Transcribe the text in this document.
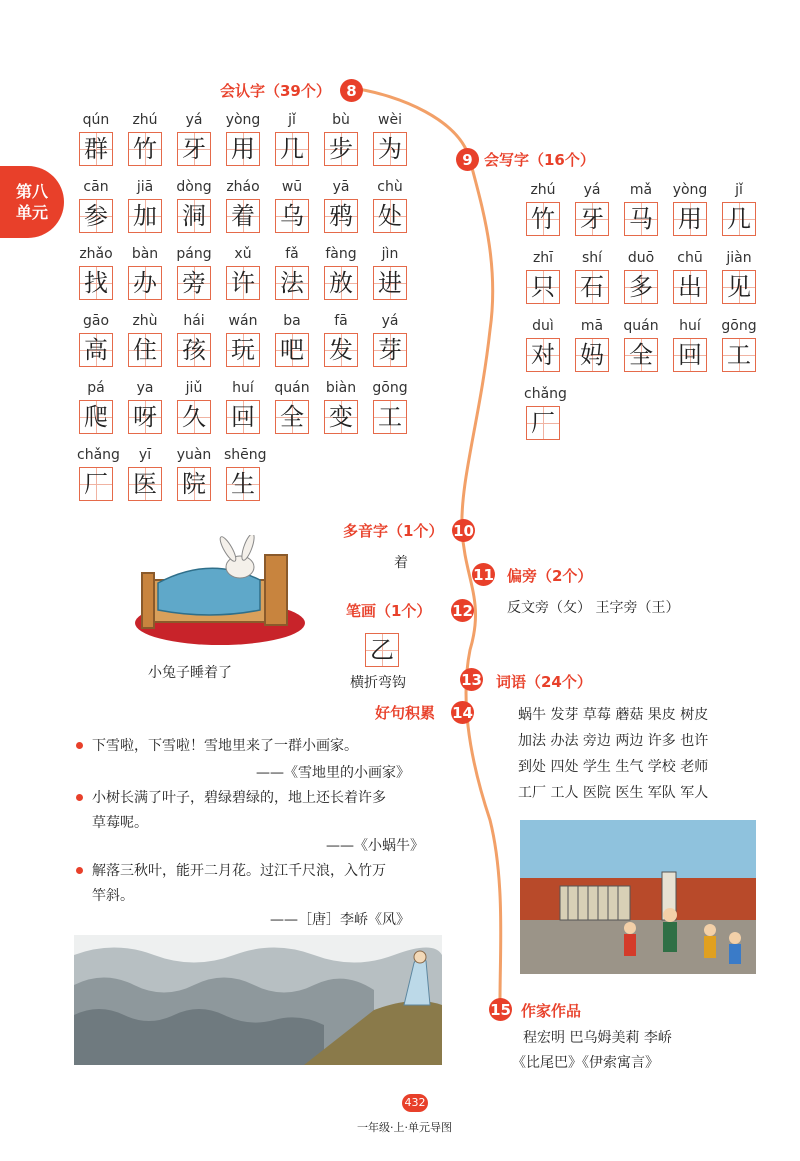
第八
单元
会认字（39个）	8
qún
群
zhú
竹
yá
牙
yòng
用
jǐ
几
bù
步
wèi
为
cān
参
jiā
加
dòng
洞
zháo
着
wū
乌
yā
鸦
chù
处
zhǎo
找
bàn
办
páng
旁
xǔ
许
fǎ
法
fàng
放
jìn
进
gāo
高
zhù
住
hái
孩
wán
玩
ba
吧
fā
发
yá
芽
pá
爬
ya
呀
jiǔ
久
huí
回
quán
全
biàn
变
gōng
工
chǎng
厂
yī
医
yuàn
院
shēng
生
9 会写字（16个）
zhú
竹
yá
牙
mǎ
马
yòng
用
jǐ
几
zhī
只
shí
石
duō
多
chū
出
jiàn
见
duì
对
mā
妈
quán
全
huí
回
gōng
工
chǎng
厂
多音字（1个） 10
着
11 偏旁（2个）
反文旁（攵） 王字旁（王）
笔画（1个） 12
乙
横折弯钩
小兔子睡着了	13 词语（24个）
蜗牛 发芽 草莓 蘑菇 果皮 树皮
加法 办法 旁边 两边 许多 也许
到处 四处 学生 生气 学校 老师
工厂 工人 医院 医生 军队 军人
好句积累 14
下雪啦，下雪啦！雪地里来了一群小画家。
——《雪地里的小画家》
小树长满了叶子，碧绿碧绿的，地上还长着许多
草莓呢。
——《小蜗牛》
解落三秋叶，能开二月花。过江千尺浪，入竹万
竿斜。
——［唐］李峤《风》
15 作家作品
程宏明 巴乌姆美莉 李峤
《比尾巴》《伊索寓言》
432
一年级·上·单元导图
